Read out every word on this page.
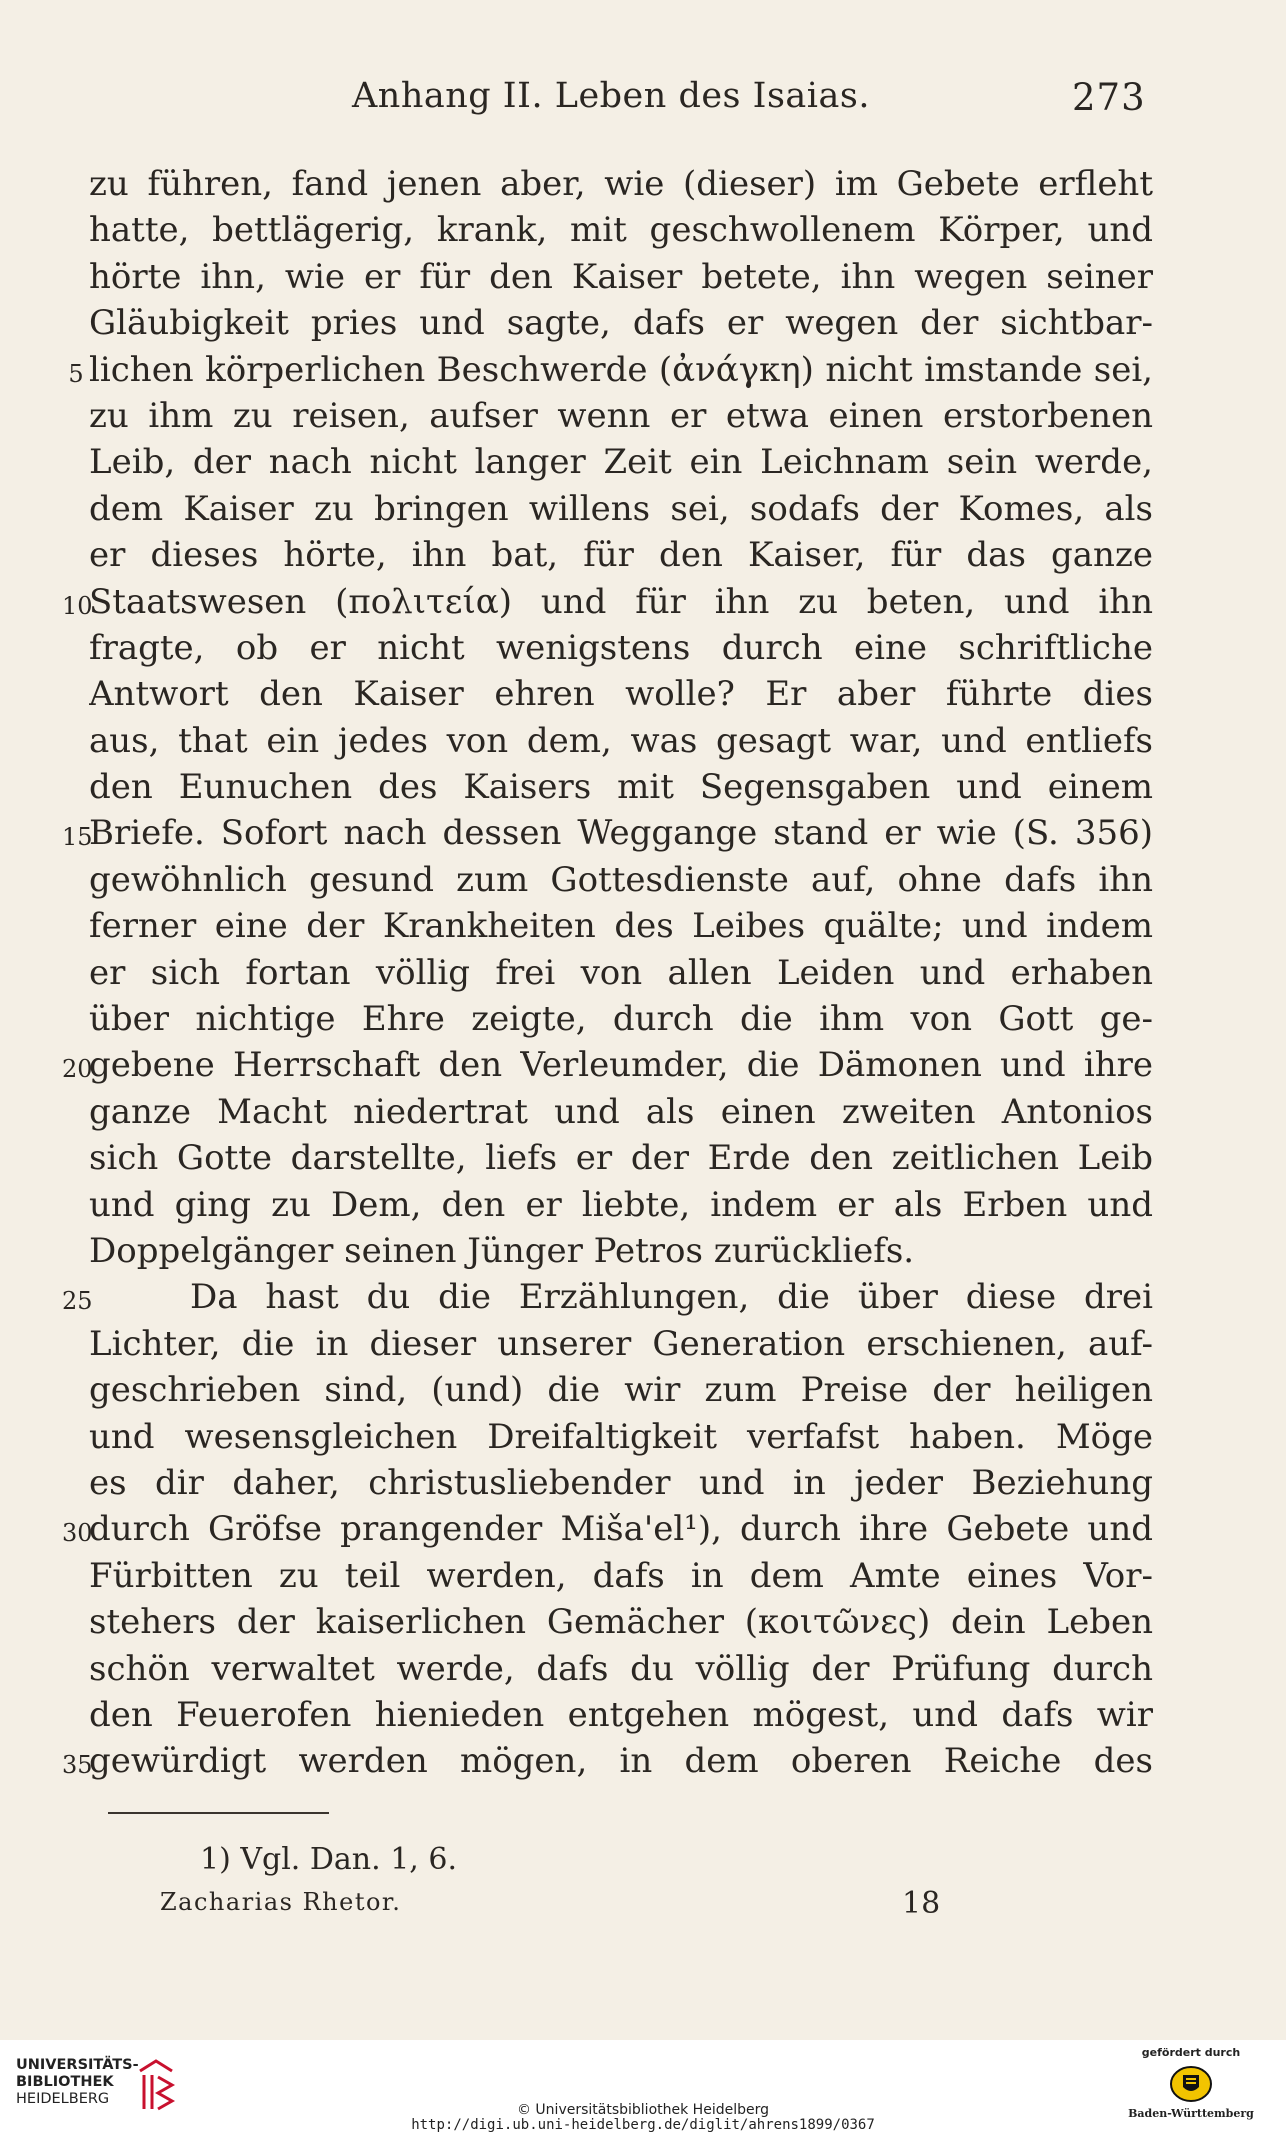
Anhang II. Leben des Isaias.	273
zu führen, fand jenen aber, wie (dieser) im Gebete erfleht
hatte, bettlägerig, krank, mit geschwollenem Körper, und
hörte ihn, wie er für den Kaiser betete, ihn wegen seiner
Gläubigkeit pries und sagte, dafs er wegen der sichtbar-
5 lichen körperlichen Beschwerde (ἀνάγκη) nicht imstande sei,
zu ihm zu reisen, aufser wenn er etwa einen erstorbenen
Leib, der nach nicht langer Zeit ein Leichnam sein werde,
dem Kaiser zu bringen willens sei, sodafs der Komes, als
er dieses hörte, ihn bat, für den Kaiser, für das ganze
10
Staatswesen (πολιτεία) und für ihn zu beten, und ihn
fragte, ob er nicht wenigstens durch eine schriftliche
Antwort den Kaiser ehren wolle? Er aber führte dies
aus, that ein jedes von dem, was gesagt war, und entliefs
den Eunuchen des Kaisers mit Segensgaben und einem
15
Briefe. Sofort nach dessen Weggange stand er wie (S. 356)
gewöhnlich gesund zum Gottesdienste auf, ohne dafs ihn
ferner eine der Krankheiten des Leibes quälte; und indem
er sich fortan völlig frei von allen Leiden und erhaben
über nichtige Ehre zeigte, durch die ihm von Gott ge-
20
gebene Herrschaft den Verleumder, die Dämonen und ihre
ganze Macht niedertrat und als einen zweiten Antonios
sich Gotte darstellte, liefs er der Erde den zeitlichen Leib
und ging zu Dem, den er liebte, indem er als Erben und
Doppelgänger seinen Jünger Petros zurückliefs.
25	Da hast du die Erzählungen, die über diese drei
Lichter, die in dieser unserer Generation erschienen, auf-
geschrieben sind, (und) die wir zum Preise der heiligen
und wesensgleichen Dreifaltigkeit verfafst haben. Möge
es dir daher, christusliebender und in jeder Beziehung
30
durch Gröfse prangender Miša'el¹), durch ihre Gebete und
Fürbitten zu teil werden, dafs in dem Amte eines Vor-
stehers der kaiserlichen Gemächer (κοιτῶνες) dein Leben
schön verwaltet werde, dafs du völlig der Prüfung durch
den Feuerofen hienieden entgehen mögest, und dafs wir
35
gewürdigt werden mögen, in dem oberen Reiche des
1) Vgl. Dan. 1, 6.
Zacharias Rhetor.	18
UNIVERSITÄTS-
BIBLIOTHEK
HEIDELBERG
© Universitätsbibliothek Heidelberg
http://digi.ub.uni-heidelberg.de/diglit/ahrens1899/0367
gefördert durch
Baden-Württemberg
